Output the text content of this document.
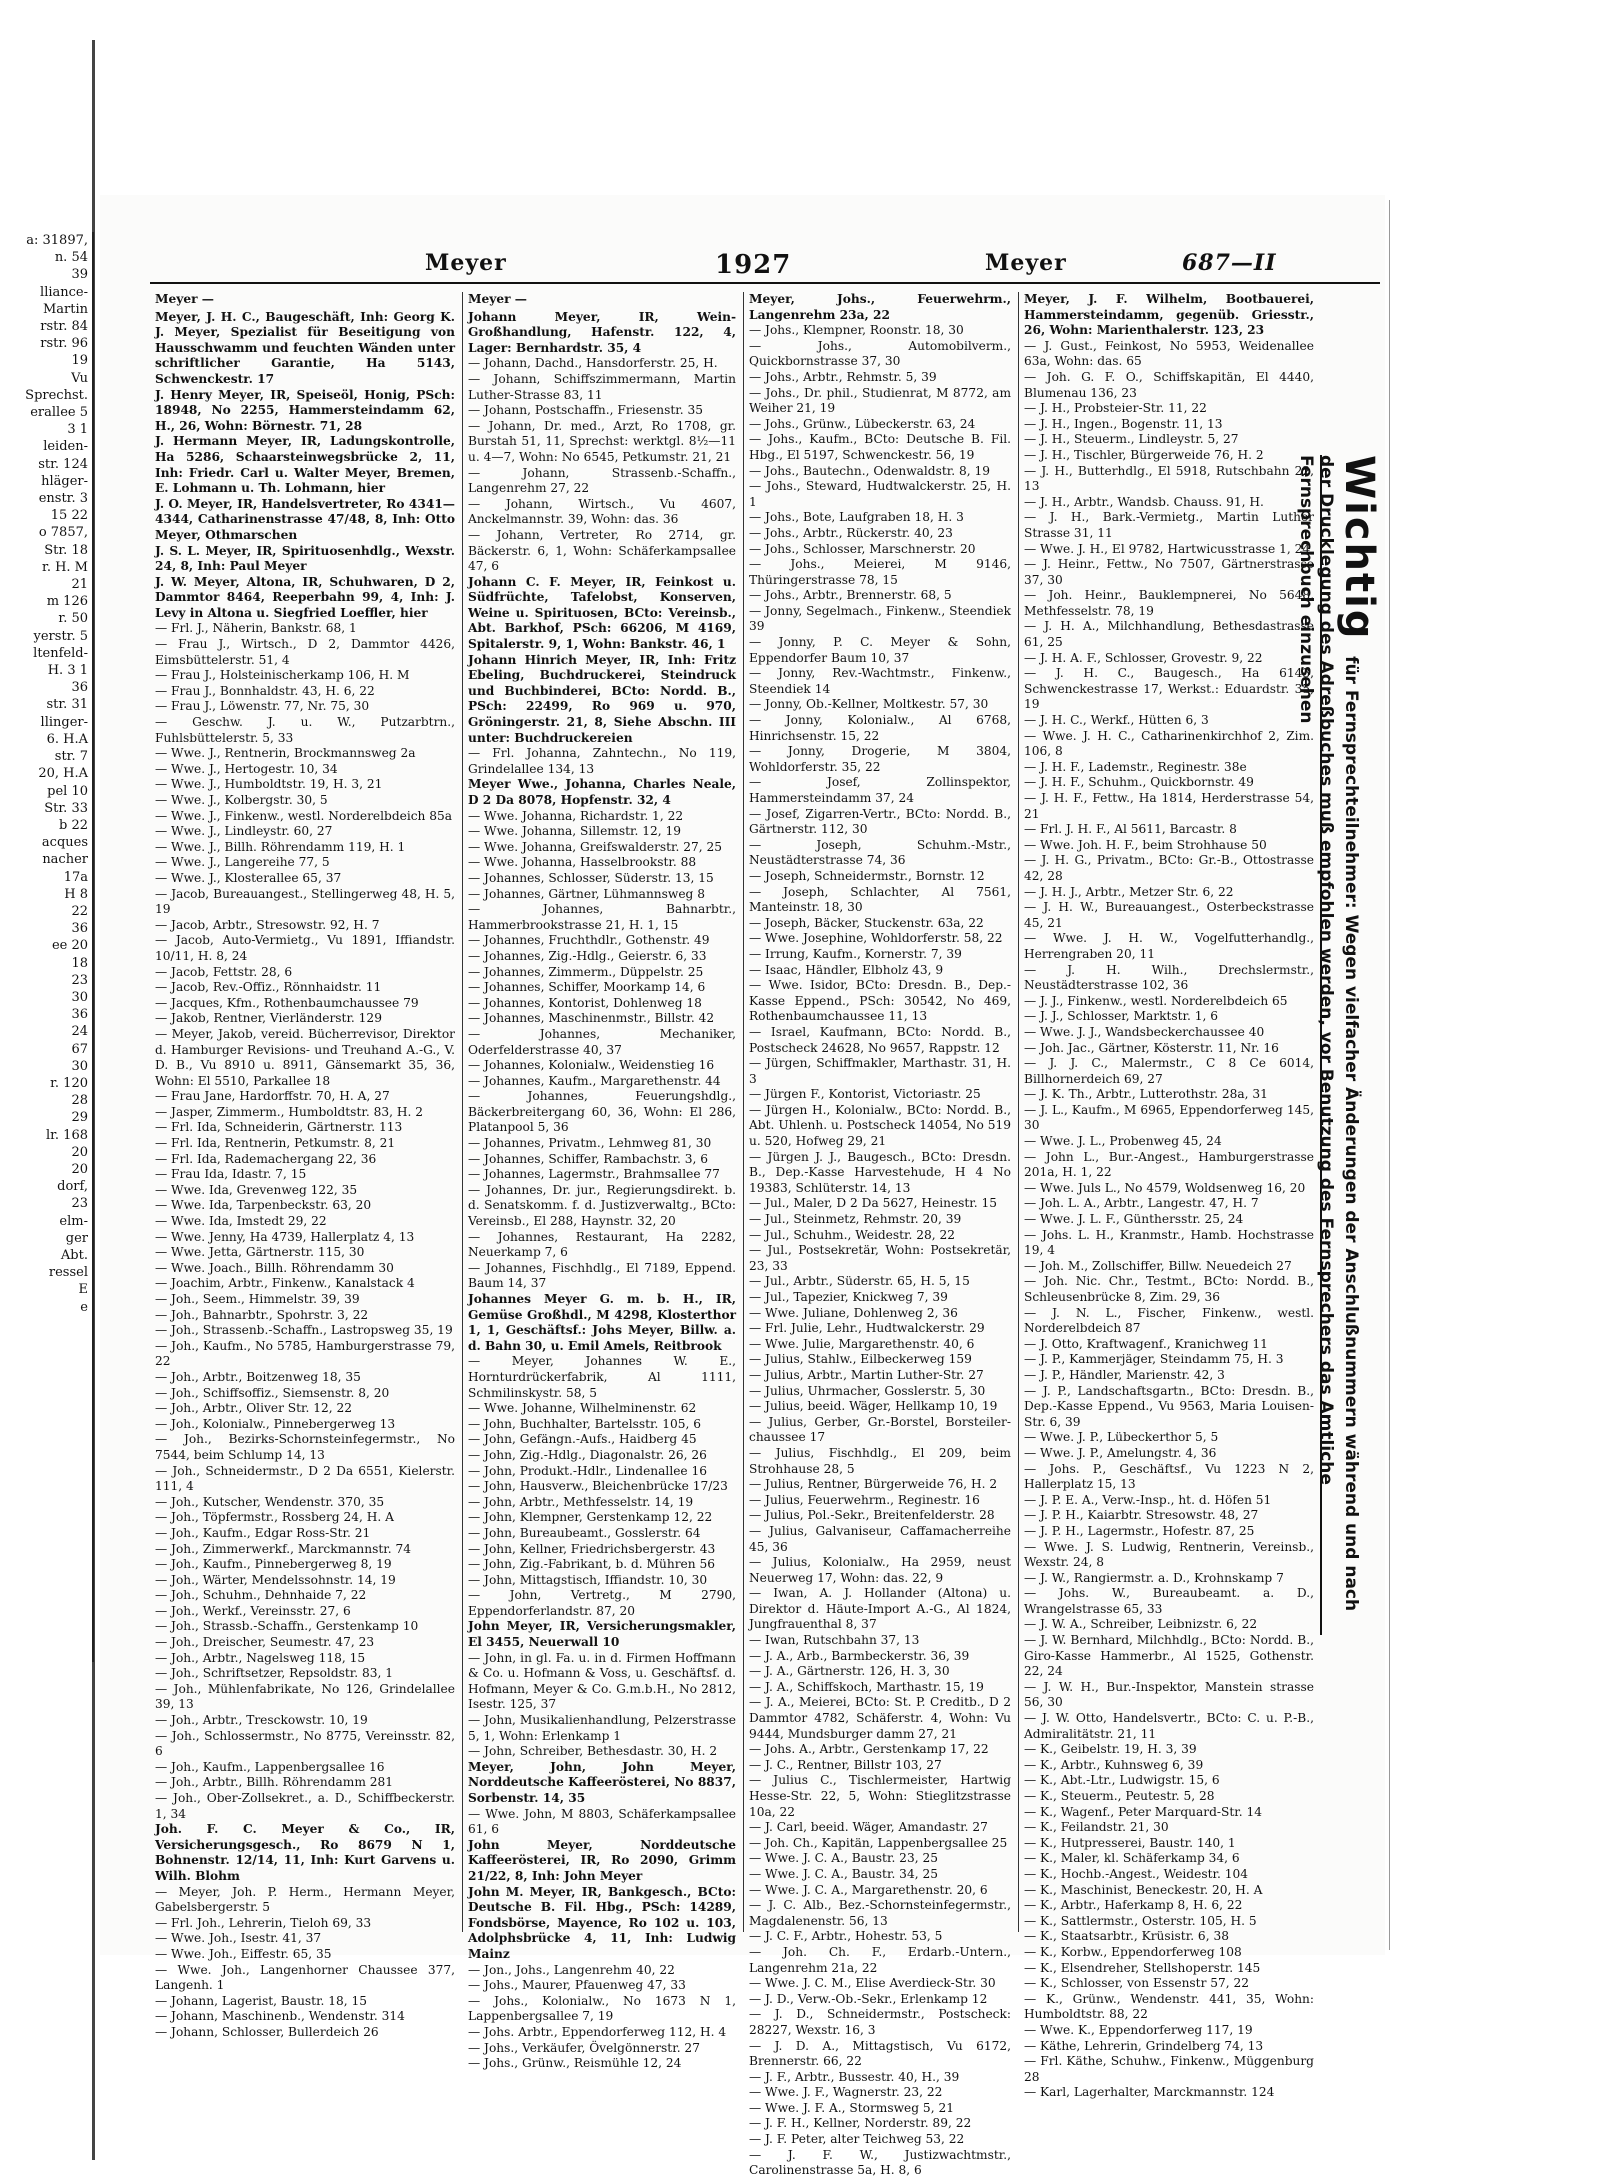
a: 31897,
n. 54
39
lliance-
Martin
rstr. 84
rstr. 96
19
Vu
Sprechst.
erallee 5
3 1
leiden-
str. 124
hläger-
enstr. 3
15 22
o 7857,
Str. 18
r. H. M
21
m 126
r. 50
yerstr. 5
ltenfeld-
H. 3 1
36
str. 31
llinger-
6. H.A
str. 7
20, H.A
pel 10
Str. 33
b 22
acques
nacher
17a
H 8
22
36
ee 20
18
23
30
36
24
67
30
r. 120
28
29
lr. 168
20
20
dorf,
23
elm-
ger
Abt.
ressel
E
e
Meyer	1927	Meyer	687—II
Meyer —

Meyer, J. H. C., Baugeschäft, Inh: Georg K. J. Meyer, Spezialist für Beseitigung von Hausschwamm und feuchten Wänden unter schriftlicher Garantie, Ha 5143, Schwenckestr. 17

J. Henry Meyer, IR, Speiseöl, Honig, PSch: 18948, No 2255, Hammersteindamm 62, H., 26, Wohn: Börnestr. 71, 28

J. Hermann Meyer, IR, Ladungskontrolle, Ha 5286, Schaarsteinwegsbrücke 2, 11, Inh: Friedr. Carl u. Walter Meyer, Bremen, E. Lohmann u. Th. Lohmann, hier

J. O. Meyer, IR, Handelsvertreter, Ro 4341—4344, Catharinenstrasse 47/48, 8, Inh: Otto Meyer, Othmarschen

J. S. L. Meyer, IR, Spirituosenhdlg., Wexstr. 24, 8, Inh: Paul Meyer

J. W. Meyer, Altona, IR, Schuhwaren, D 2, Dammtor 8464, Reeperbahn 99, 4, Inh: J. Levy in Altona u. Siegfried Loeffler, hier

— Frl. J., Näherin, Bankstr. 68, 1

— Frau J., Wirtsch., D 2, Dammtor 4426, Eimsbüttelerstr. 51, 4

— Frau J., Holsteinischerkamp 106, H. M

— Frau J., Bonnhaldstr. 43, H. 6, 22

— Frau J., Löwenstr. 77, Nr. 75, 30

— Geschw. J. u. W., Putzarbtrn., Fuhlsbüttelerstr. 5, 33

— Wwe. J., Rentnerin, Brockmannsweg 2a

— Wwe. J., Hertogestr. 10, 34

— Wwe. J., Humboldtstr. 19, H. 3, 21

— Wwe. J., Kolbergstr. 30, 5

— Wwe. J., Finkenw., westl. Norderelbdeich 85a

— Wwe. J., Lindleystr. 60, 27

— Wwe. J., Billh. Röhrendamm 119, H. 1

— Wwe. J., Langereihe 77, 5

— Wwe. J., Klosterallee 65, 37

— Jacob, Bureauangest., Stellingerweg 48, H. 5, 19

— Jacob, Arbtr., Stresowstr. 92, H. 7

— Jacob, Auto-Vermietg., Vu 1891, Iffiandstr. 10/11, H. 8, 24

— Jacob, Fettstr. 28, 6

— Jacob, Rev.-Offiz., Rönnhaidstr. 11

— Jacques, Kfm., Rothenbaumchaussee 79

— Jakob, Rentner, Vierländerstr. 129

— Meyer, Jakob, vereid. Bücherrevisor, Direktor d. Hamburger Revisions- und Treuhand A.-G., V. D. B., Vu 8910 u. 8911, Gänsemarkt 35, 36, Wohn: El 5510, Parkallee 18

— Frau Jane, Hardorffstr. 70, H. A, 27

— Jasper, Zimmerm., Humboldtstr. 83, H. 2

— Frl. Ida, Schneiderin, Gärtnerstr. 113

— Frl. Ida, Rentnerin, Petkumstr. 8, 21

— Frl. Ida, Rademachergang 22, 36

— Frau Ida, Idastr. 7, 15

— Wwe. Ida, Grevenweg 122, 35

— Wwe. Ida, Tarpenbeckstr. 63, 20

— Wwe. Ida, Imstedt 29, 22

— Wwe. Jenny, Ha 4739, Hallerplatz 4, 13

— Wwe. Jetta, Gärtnerstr. 115, 30

— Wwe. Joach., Billh. Röhrendamm 30

— Joachim, Arbtr., Finkenw., Kanalstack 4

— Joh., Seem., Himmelstr. 39, 39

— Joh., Bahnarbtr., Spohrstr. 3, 22

— Joh., Strassenb.-Schaffn., Lastropsweg 35, 19

— Joh., Kaufm., No 5785, Hamburgerstrasse 79, 22

— Joh., Arbtr., Boitzenweg 18, 35

— Joh., Schiffsoffiz., Siemsenstr. 8, 20

— Joh., Arbtr., Oliver Str. 12, 22

— Joh., Kolonialw., Pinnebergerweg 13

— Joh., Bezirks-Schornsteinfegermstr., No 7544, beim Schlump 14, 13

— Joh., Schneidermstr., D 2 Da 6551, Kielerstr. 111, 4

— Joh., Kutscher, Wendenstr. 370, 35

— Joh., Töpfermstr., Rossberg 24, H. A

— Joh., Kaufm., Edgar Ross-Str. 21

— Joh., Zimmerwerkf., Marckmannstr. 74

— Joh., Kaufm., Pinnebergerweg 8, 19

— Joh., Wärter, Mendelssohnstr. 14, 19

— Joh., Schuhm., Dehnhaide 7, 22

— Joh., Werkf., Vereinsstr. 27, 6

— Joh., Strassb.-Schaffn., Gerstenkamp 10

— Joh., Dreischer, Seumestr. 47, 23

— Joh., Arbtr., Nagelsweg 118, 15

— Joh., Schriftsetzer, Repsoldstr. 83, 1

— Joh., Mühlenfabrikate, No 126, Grindelallee 39, 13

— Joh., Arbtr., Tresckowstr. 10, 19

— Joh., Schlossermstr., No 8775, Vereinsstr. 82, 6

— Joh., Kaufm., Lappenbergsallee 16

— Joh., Arbtr., Billh. Röhrendamm 281

— Joh., Ober-Zollsekret., a. D., Schiffbeckerstr. 1, 34

Joh. F. C. Meyer & Co., IR, Versicherungsgesch., Ro 8679 N 1, Bohnenstr. 12/14, 11, Inh: Kurt Garvens u. Wilh. Blohm

— Meyer, Joh. P. Herm., Hermann Meyer, Gabelsbergerstr. 5

— Frl. Joh., Lehrerin, Tieloh 69, 33

— Wwe. Joh., Isestr. 41, 37

— Wwe. Joh., Eiffestr. 65, 35

— Wwe. Joh., Langenhorner Chaussee 377, Langenh. 1

— Johann, Lagerist, Baustr. 18, 15

— Johann, Maschinenb., Wendenstr. 314

— Johann, Schlosser, Bullerdeich 26

Meyer —

Johann Meyer, IR, Wein-Großhandlung, Hafenstr. 122, 4, Lager: Bernhardstr. 35, 4

— Johann, Dachd., Hansdorferstr. 25, H.

— Johann, Schiffszimmermann, Martin Luther-Strasse 83, 11

— Johann, Postschaffn., Friesenstr. 35

— Johann, Dr. med., Arzt, Ro 1708, gr. Burstah 51, 11, Sprechst: werktgl. 8½—11 u. 4—7, Wohn: No 6545, Petkumstr. 21, 21

— Johann, Strassenb.-Schaffn., Langenrehm 27, 22

— Johann, Wirtsch., Vu 4607, Anckelmannstr. 39, Wohn: das. 36

— Johann, Vertreter, Ro 2714, gr. Bäckerstr. 6, 1, Wohn: Schäferkampsallee 47, 6

Johann C. F. Meyer, IR, Feinkost u. Südfrüchte, Tafelobst, Konserven, Weine u. Spirituosen, BCto: Vereinsb., Abt. Barkhof, PSch: 66206, M 4169, Spitalerstr. 9, 1, Wohn: Bankstr. 46, 1

Johann Hinrich Meyer, IR, Inh: Fritz Ebeling, Buchdruckerei, Steindruck und Buchbinderei, BCto: Nordd. B., PSch: 22499, Ro 969 u. 970, Gröningerstr. 21, 8, Siehe Abschn. III unter: Buchdruckereien

— Frl. Johanna, Zahntechn., No 119, Grindelallee 134, 13

Meyer Wwe., Johanna, Charles Neale, D 2 Da 8078, Hopfenstr. 32, 4

— Wwe. Johanna, Richardstr. 1, 22

— Wwe. Johanna, Sillemstr. 12, 19

— Wwe. Johanna, Greifswalderstr. 27, 25

— Wwe. Johanna, Hasselbrookstr. 88

— Johannes, Schlosser, Süderstr. 13, 15

— Johannes, Gärtner, Lühmannsweg 8

— Johannes, Bahnarbtr., Hammerbrookstrasse 21, H. 1, 15

— Johannes, Fruchthdlr., Gothenstr. 49

— Johannes, Zig.-Hdlg., Geierstr. 6, 33

— Johannes, Zimmerm., Düppelstr. 25

— Johannes, Schiffer, Moorkamp 14, 6

— Johannes, Kontorist, Dohlenweg 18

— Johannes, Maschinenmstr., Billstr. 42

— Johannes, Mechaniker, Oderfelderstrasse 40, 37

— Johannes, Kolonialw., Weidenstieg 16

— Johannes, Kaufm., Margarethenstr. 44

— Johannes, Feuerungshdlg., Bäckerbreitergang 60, 36, Wohn: El 286, Platanpool 5, 36

— Johannes, Privatm., Lehmweg 81, 30

— Johannes, Schiffer, Rambachstr. 3, 6

— Johannes, Lagermstr., Brahmsallee 77

— Johannes, Dr. jur., Regierungsdirekt. b. d. Senatskomm. f. d. Justizverwaltg., BCto: Vereinsb., El 288, Haynstr. 32, 20

— Johannes, Restaurant, Ha 2282, Neuerkamp 7, 6

— Johannes, Fischhdlg., El 7189, Eppend. Baum 14, 37

Johannes Meyer G. m. b. H., IR, Gemüse Großhdl., M 4298, Klosterthor 1, 1, Geschäftsf.: Johs Meyer, Billw. a. d. Bahn 30, u. Emil Amels, Reitbrook

— Meyer, Johannes W. E., Hornturdrückerfabrik, Al 1111, Schmilinskystr. 58, 5

— Wwe. Johanne, Wilhelminenstr. 62

— John, Buchhalter, Bartelsstr. 105, 6

— John, Gefängn.-Aufs., Haidberg 45

— John, Zig.-Hdlg., Diagonalstr. 26, 26

— John, Produkt.-Hdlr., Lindenallee 16

— John, Hausverw., Bleichenbrücke 17/23

— John, Arbtr., Methfesselstr. 14, 19

— John, Klempner, Gerstenkamp 12, 22

— John, Bureaubeamt., Gosslerstr. 64

— John, Kellner, Friedrichsbergerstr. 43

— John, Zig.-Fabrikant, b. d. Mühren 56

— John, Mittagstisch, Iffiandstr. 10, 30

— John, Vertretg., M 2790, Eppendorferlandstr. 87, 20

John Meyer, IR, Versicherungsmakler, El 3455, Neuerwall 10

— John, in gl. Fa. u. in d. Firmen Hoffmann & Co. u. Hofmann & Voss, u. Geschäftsf. d. Hofmann, Meyer & Co. G.m.b.H., No 2812, Isestr. 125, 37

— John, Musikalienhandlung, Pelzerstrasse 5, 1, Wohn: Erlenkamp 1

— John, Schreiber, Bethesdastr. 30, H. 2

Meyer, John, John Meyer, Norddeutsche Kaffeerösterei, No 8837, Sorbenstr. 14, 35

— Wwe. John, M 8803, Schäferkampsallee 61, 6

John Meyer, Norddeutsche Kaffeerösterei, IR, Ro 2090, Grimm 21/22, 8, Inh: John Meyer

John M. Meyer, IR, Bankgesch., BCto: Deutsche B. Fil. Hbg., PSch: 14289, Fondsbörse, Mayence, Ro 102 u. 103, Adolphsbrücke 4, 11, Inh: Ludwig Mainz

— Jon., Johs., Langenrehm 40, 22

— Johs., Maurer, Pfauenweg 47, 33

— Johs., Kolonialw., No 1673 N 1, Lappenbergsallee 7, 19

— Johs. Arbtr., Eppendorferweg 112, H. 4

— Johs., Verkäufer, Övelgönnerstr. 27

— Johs., Grünw., Reismühle 12, 24

Meyer, Johs., Feuerwehrm., Langenrehm 23a, 22

— Johs., Klempner, Roonstr. 18, 30

— Johs., Automobilverm., Quickbornstrasse 37, 30

— Johs., Arbtr., Rehmstr. 5, 39

— Johs., Dr. phil., Studienrat, M 8772, am Weiher 21, 19

— Johs., Grünw., Lübeckerstr. 63, 24

— Johs., Kaufm., BCto: Deutsche B. Fil. Hbg., El 5197, Schwenckestr. 56, 19

— Johs., Bautechn., Odenwaldstr. 8, 19

— Johs., Steward, Hudtwalckerstr. 25, H. 1

— Johs., Bote, Laufgraben 18, H. 3

— Johs., Arbtr., Rückerstr. 40, 23

— Johs., Schlosser, Marschnerstr. 20

— Johs., Meierei, M 9146, Thüringerstrasse 78, 15

— Johs., Arbtr., Brennerstr. 68, 5

— Jonny, Segelmach., Finkenw., Steendiek 39

— Jonny, P. C. Meyer & Sohn, Eppendorfer Baum 10, 37

— Jonny, Rev.-Wachtmstr., Finkenw., Steendiek 14

— Jonny, Ob.-Kellner, Moltkestr. 57, 30

— Jonny, Kolonialw., Al 6768, Hinrichsenstr. 15, 22

— Jonny, Drogerie, M 3804, Wohldorferstr. 35, 22

— Josef, Zollinspektor, Hammersteindamm 37, 24

— Josef, Zigarren-Vertr., BCto: Nordd. B., Gärtnerstr. 112, 30

— Joseph, Schuhm.-Mstr., Neustädterstrasse 74, 36

— Joseph, Schneidermstr., Bornstr. 12

— Joseph, Schlachter, Al 7561, Manteinstr. 18, 30

— Joseph, Bäcker, Stuckenstr. 63a, 22

— Wwe. Josephine, Wohldorferstr. 58, 22

— Irrung, Kaufm., Kornerstr. 7, 39

— Isaac, Händler, Elbholz 43, 9

— Wwe. Isidor, BCto: Dresdn. B., Dep.-Kasse Eppend., PSch: 30542, No 469, Rothenbaumchaussee 11, 13

— Israel, Kaufmann, BCto: Nordd. B., Postscheck 24628, No 9657, Rappstr. 12

— Jürgen, Schiffmakler, Marthastr. 31, H. 3

— Jürgen F., Kontorist, Victoriastr. 25

— Jürgen H., Kolonialw., BCto: Nordd. B., Abt. Uhlenh. u. Postscheck 14054, No 519 u. 520, Hofweg 29, 21

— Jürgen J. J., Baugesch., BCto: Dresdn. B., Dep.-Kasse Harvestehude, H 4 No 19383, Schlüterstr. 14, 13

— Jul., Maler, D 2 Da 5627, Heinestr. 15

— Jul., Steinmetz, Rehmstr. 20, 39

— Jul., Schuhm., Weidestr. 28, 22

— Jul., Postsekretär, Wohn: Postsekretär, 23, 33

— Jul., Arbtr., Süderstr. 65, H. 5, 15

— Jul., Tapezier, Knickweg 7, 39

— Wwe. Juliane, Dohlenweg 2, 36

— Frl. Julie, Lehr., Hudtwalckerstr. 29

— Wwe. Julie, Margarethenstr. 40, 6

— Julius, Stahlw., Eilbeckerweg 159

— Julius, Arbtr., Martin Luther-Str. 27

— Julius, Uhrmacher, Gosslerstr. 5, 30

— Julius, beeid. Wäger, Hellkamp 10, 19

— Julius, Gerber, Gr.-Borstel, Borsteiler-chaussee 17

— Julius, Fischhdlg., El 209, beim Strohhause 28, 5

— Julius, Rentner, Bürgerweide 76, H. 2

— Julius, Feuerwehrm., Reginestr. 16

— Julius, Pol.-Sekr., Breitenfelderstr. 28

— Julius, Galvaniseur, Caffamacherreihe 45, 36

— Julius, Kolonialw., Ha 2959, neust Neuerweg 17, Wohn: das. 22, 9

— Iwan, A. J. Hollander (Altona) u. Direktor d. Häute-Import A.-G., Al 1824, Jungfrauenthal 8, 37

— Iwan, Rutschbahn 37, 13

— J. A., Arb., Barmbeckerstr. 36, 39

— J. A., Gärtnerstr. 126, H. 3, 30

— J. A., Schiffskoch, Marthastr. 15, 19

— J. A., Meierei, BCto: St. P. Creditb., D 2 Dammtor 4782, Schäferstr. 4, Wohn: Vu 9444, Mundsburger damm 27, 21

— Johs. A., Arbtr., Gerstenkamp 17, 22

— J. C., Rentner, Billstr 103, 27

— Julius C., Tischlermeister, Hartwig Hesse-Str. 22, 5, Wohn: Stieglitzstrasse 10a, 22

— J. Carl, beeid. Wäger, Amandastr. 27

— Joh. Ch., Kapitän, Lappenbergsallee 25

— Wwe. J. C. A., Baustr. 23, 25

— Wwe. J. C. A., Baustr. 34, 25

— Wwe. J. C. A., Margarethenstr. 20, 6

— J. C. Alb., Bez.-Schornsteinfegermstr., Magdalenenstr. 56, 13

— J. C. F., Arbtr., Hohestr. 53, 5

— Joh. Ch. F., Erdarb.-Untern., Langenrehm 21a, 22

— Wwe. J. C. M., Elise Averdieck-Str. 30

— J. D., Verw.-Ob.-Sekr., Erlenkamp 12

— J. D., Schneidermstr., Postscheck: 28227, Wexstr. 16, 3

— J. D. A., Mittagstisch, Vu 6172, Brennerstr. 66, 22

— J. F., Arbtr., Bussestr. 40, H., 39

— Wwe. J. F., Wagnerstr. 23, 22

— Wwe. J. F. A., Stormsweg 5, 21

— J. F. H., Kellner, Norderstr. 89, 22

— J. F. Peter, alter Teichweg 53, 22

— J. F. W., Justizwachtmstr., Carolinenstrasse 5a, H. 8, 6

Meyer, J. F. Wilhelm, Bootbauerei, Hammersteindamm, gegenüb. Griesstr., 26, Wohn: Marienthalerstr. 123, 23

— J. Gust., Feinkost, No 5953, Weidenallee 63a, Wohn: das. 65

— Joh. G. F. O., Schiffskapitän, El 4440, Blumenau 136, 23

— J. H., Probsteier-Str. 11, 22

— J. H., Ingen., Bogenstr. 11, 13

— J. H., Steuerm., Lindleystr. 5, 27

— J. H., Tischler, Bürgerweide 76, H. 2

— J. H., Butterhdlg., El 5918, Rutschbahn 22, 13

— J. H., Arbtr., Wandsb. Chauss. 91, H.

— J. H., Bark.-Vermietg., Martin Luther Strasse 31, 11

— Wwe. J. H., El 9782, Hartwicusstrasse 1, 24

— J. Heinr., Fettw., No 7507, Gärtnerstrasse 37, 30

— Joh. Heinr., Bauklempnerei, No 5648, Methfesselstr. 78, 19

— J. H. A., Milchhandlung, Bethesdastrasse 61, 25

— J. H. A. F., Schlosser, Grovestr. 9, 22

— J. H. C., Baugesch., Ha 6143, Schwenckestrasse 17, Werkst.: Eduardstr. 35, 19

— J. H. C., Werkf., Hütten 6, 3

— Wwe. J. H. C., Catharinenkirchhof 2, Zim. 106, 8

— J. H. F., Lademstr., Reginestr. 38e

— J. H. F., Schuhm., Quickbornstr. 49

— J. H. F., Fettw., Ha 1814, Herderstrasse 54, 21

— Frl. J. H. F., Al 5611, Barcastr. 8

— Wwe. Joh. H. F., beim Strohhause 50

— J. H. G., Privatm., BCto: Gr.-B., Ottostrasse 42, 28

— J. H. J., Arbtr., Metzer Str. 6, 22

— J. H. W., Bureauangest., Osterbeckstrasse 45, 21

— Wwe. J. H. W., Vogelfutterhandlg., Herrengraben 20, 11

— J. H. Wilh., Drechslermstr., Neustädterstrasse 102, 36

— J. J., Finkenw., westl. Norderelbdeich 65

— J. J., Schlosser, Marktstr. 1, 6

— Wwe. J. J., Wandsbeckerchaussee 40

— Joh. Jac., Gärtner, Kösterstr. 11, Nr. 16

— J. J. C., Malermstr., C 8 Ce 6014, Billhornerdeich 69, 27

— J. K. Th., Arbtr., Lutterothstr. 28a, 31

— J. L., Kaufm., M 6965, Eppendorferweg 145, 30

— Wwe. J. L., Probenweg 45, 24

— John L., Bur.-Angest., Hamburgerstrasse 201a, H. 1, 22

— Wwe. Juls L., No 4579, Woldsenweg 16, 20

— Joh. L. A., Arbtr., Langestr. 47, H. 7

— Wwe. J. L. F., Günthersstr. 25, 24

— Johs. L. H., Kranmstr., Hamb. Hochstrasse 19, 4

— Joh. M., Zollschiffer, Billw. Neuedeich 27

— Joh. Nic. Chr., Testmt., BCto: Nordd. B., Schleusenbrücke 8, Zim. 29, 36

— J. N. L., Fischer, Finkenw., westl. Norderelbdeich 87

— J. Otto, Kraftwagenf., Kranichweg 11

— J. P., Kammerjäger, Steindamm 75, H. 3

— J. P., Händler, Marienstr. 42, 3

— J. P., Landschaftsgartn., BCto: Dresdn. B., Dep.-Kasse Eppend., Vu 9563, Maria Louisen-Str. 6, 39

— Wwe. J. P., Lübeckerthor 5, 5

— Wwe. J. P., Amelungstr. 4, 36

— Johs. P., Geschäftsf., Vu 1223 N 2, Hallerplatz 15, 13

— J. P. E. A., Verw.-Insp., ht. d. Höfen 51

— J. P. H., Kaiarbtr. Stresowstr. 48, 27

— J. P. H., Lagermstr., Hofestr. 87, 25

— Wwe. J. S. Ludwig, Rentnerin, Vereinsb., Wexstr. 24, 8

— J. W., Rangiermstr. a. D., Krohnskamp 7

— Johs. W., Bureaubeamt. a. D., Wrangelstrasse 65, 33

— J. W. A., Schreiber, Leibnizstr. 6, 22

— J. W. Bernhard, Milchhdlg., BCto: Nordd. B., Giro-Kasse Hammerbr., Al 1525, Gothenstr. 22, 24

— J. W. H., Bur.-Inspektor, Manstein strasse 56, 30

— J. W. Otto, Handelsvertr., BCto: C. u. P.-B., Admiralitätstr. 21, 11

— K., Geibelstr. 19, H. 3, 39

— K., Arbtr., Kuhnsweg 6, 39

— K., Abt.-Ltr., Ludwigstr. 15, 6

— K., Steuerm., Peutestr. 5, 28

— K., Wagenf., Peter Marquard-Str. 14

— K., Feilandstr. 21, 30

— K., Hutpresserei, Baustr. 140, 1

— K., Maler, kl. Schäferkamp 34, 6

— K., Hochb.-Angest., Weidestr. 104

— K., Maschinist, Beneckestr. 20, H. A

— K., Arbtr., Haferkamp 8, H. 6, 22

— K., Sattlermstr., Osterstr. 105, H. 5

— K., Staatsarbtr., Krüsistr. 6, 38

— K., Korbw., Eppendorferweg 108

— K., Elsendreher, Stellshoperstr. 145

— K., Schlosser, von Essenstr 57, 22

— K., Grünw., Wendenstr. 441, 35, Wohn: Humboldtstr. 88, 22

— Wwe. K., Eppendorferweg 117, 19

— Käthe, Lehrerin, Grindelberg 74, 13

— Frl. Käthe, Schuhw., Finkenw., Müggenburg 28

— Karl, Lagerhalter, Marckmannstr. 124

Wichtig für Fernsprechteilnehmer: Wegen vielfacher Änderungen der Anschlußnummern während und nach der Drucklegung des Adreßbuches muß empfohlen werden, vor Benutzung des Fernsprechers das Amtliche Fernsprechbuch einzusehen
